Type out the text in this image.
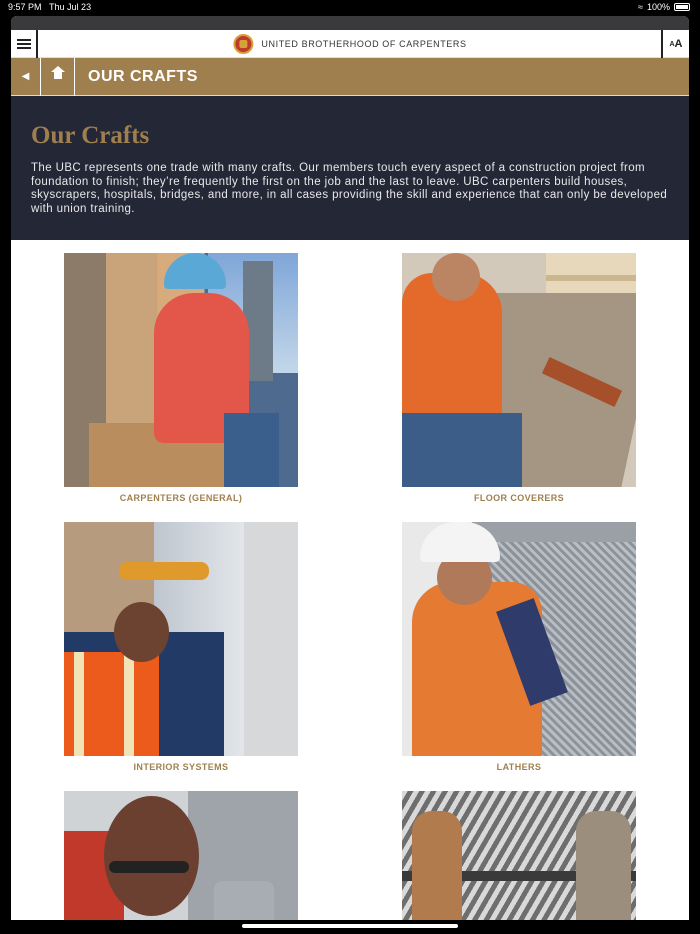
9:57 PM Thu Jul 23	≈ 100%
UNITED BROTHERHOOD OF CARPENTERS	A A
◀	OUR CRAFTS
Our Crafts
The UBC represents one trade with many crafts. Our members touch every aspect of a construction project from foundation to finish; they’re frequently the first on the job and the last to leave. UBC carpenters build houses, skyscrapers, hospitals, bridges, and more, in all cases providing the skill and experience that can only be developed with union training.
CARPENTERS (GENERAL)	FLOOR COVERERS
INTERIOR SYSTEMS	LATHERS
